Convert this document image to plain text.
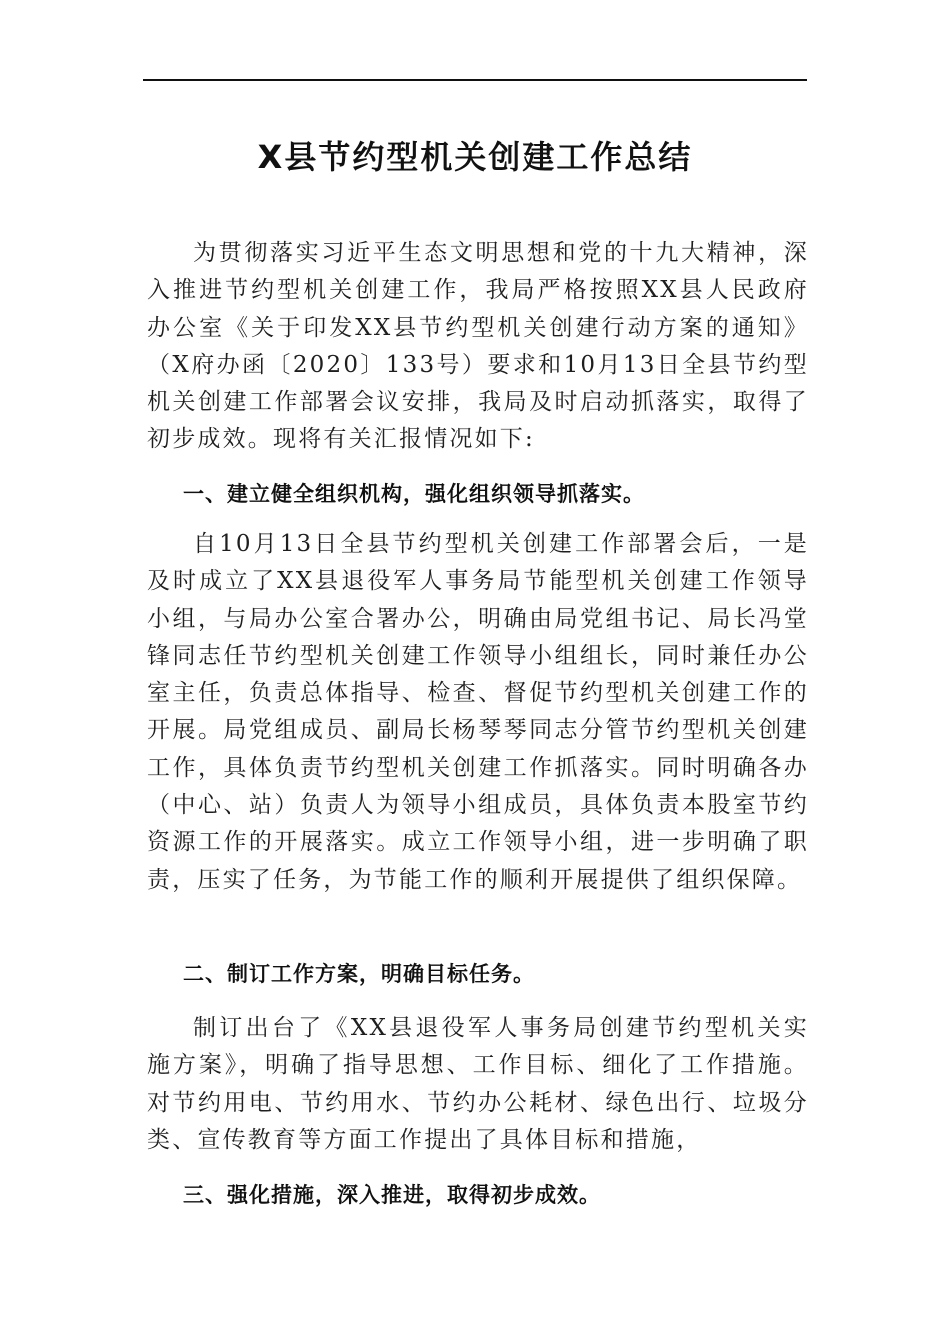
X县节约型机关创建工作总结

为贯彻落实习近平生态文明思想和党的十九大精神，深入推进节约型机关创建工作，我局严格按照XX县人民政府办公室《关于印发XX县节约型机关创建行动方案的通知》（X府办函〔2020〕133号）要求和10月13日全县节约型机关创建工作部署会议安排，我局及时启动抓落实，取得了初步成效。现将有关汇报情况如下:

一、建立健全组织机构，强化组织领导抓落实。

自10月13日全县节约型机关创建工作部署会后，一是及时成立了XX县退役军人事务局节能型机关创建工作领导小组，与局办公室合署办公，明确由局党组书记、局长冯堂锋同志任节约型机关创建工作领导小组组长，同时兼任办公室主任，负责总体指导、检查、督促节约型机关创建工作的开展。局党组成员、副局长杨琴琴同志分管节约型机关创建工作，具体负责节约型机关创建工作抓落实。同时明确各办（中心、站）负责人为领导小组成员，具体负责本股室节约资源工作的开展落实。成立工作领导小组，进一步明确了职责，压实了任务，为节能工作的顺利开展提供了组织保障。

二、制订工作方案，明确目标任务。

制订出台了《XX县退役军人事务局创建节约型机关实施方案》，明确了指导思想、工作目标、细化了工作措施。对节约用电、节约用水、节约办公耗材、绿色出行、垃圾分类、宣传教育等方面工作提出了具体目标和措施，

三、强化措施，深入推进，取得初步成效。
